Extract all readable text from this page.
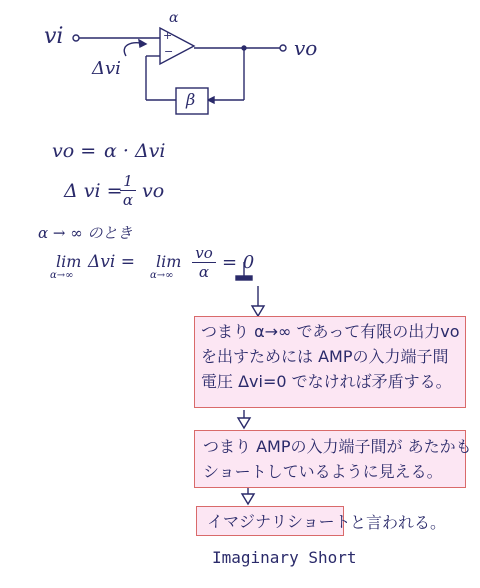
vi
α
+
−	vo
Δvi
β
vo = α · Δvi
Δ vi =
$\frac{1}{\alpha}$ vo
α → ∞ のとき
lim
α→∞
Δvi = lim
$\alpha\to\infty \frac{vo}{\alpha} = 0$
つまり α→∞ であって有限の出力vo
を出すためには AMPの入力端子間
電圧 Δvi=0 でなければ矛盾する。
つまり AMPの入力端子間が あたかも
ショートしているように見える。
イマジナリショート と言われる。
Imaginary Short
